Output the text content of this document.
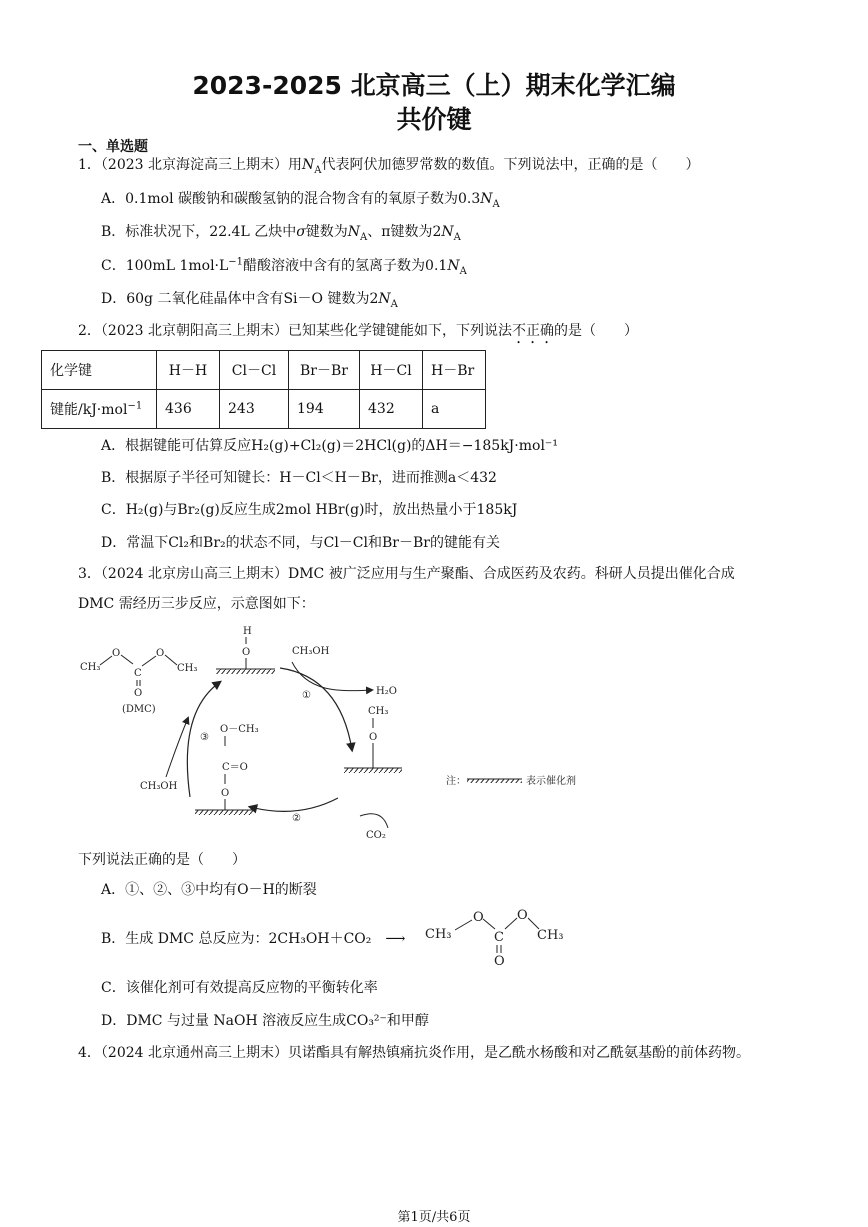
2023-2025 北京高三（上）期末化学汇编
共价键
一、单选题
1．（2023 北京海淀高三上期末）用$N_A$代表阿伏加德罗常数的数值。下列说法中，正确的是（　　）
A．0.1mol 碳酸钠和碳酸氢钠的混合物含有的氧原子数为$0.3N_A$
B．标准状况下，22.4L 乙炔中σ键数为$N_A$、π键数为$2N_A$
C．100mL $1mol\cdot L^{-1}$醋酸溶液中含有的氢离子数为$0.1N_A$
D．60g 二氧化硅晶体中含有Si－O 键数为$2N_A$
2．（2023 北京朝阳高三上期末）已知某些化学键键能如下，下列说法不正确的是（　　）
化学键	H－H	Cl－Cl	Br－Br	H－Cl	H－Br
键能/kJ·mol$^{-1}$	436	243	194	432	a
A．根据键能可估算反应H₂(g)+Cl₂(g)＝2HCl(g)的ΔH＝−185kJ·mol⁻¹
B．根据原子半径可知键长：H－Cl＜H－Br，进而推测a＜432
C．H₂(g)与Br₂(g)反应生成2mol HBr(g)时，放出热量小于185kJ
D．常温下Cl₂和Br₂的状态不同，与Cl－Cl和Br－Br的键能有关
3．（2024 北京房山高三上期末）DMC 被广泛应用与生产聚酯、合成医药及农药。科研人员提出催化合成
DMC 需经历三步反应，示意图如下：
CH₃
O
C
O
CH₃
O
(DMC)
H
O	CH₃OH
H₂O
①
CH₃
O
O－CH₃
C＝O
O
③
CH₃OH
②
CO₂
注：	表示催化剂
下列说法正确的是（　　）
A．①、②、③中均有O－H的断裂
B．生成 DMC 总反应为：2CH₃OH＋CO₂　⟶ CH₃
O
C
O
CH₃
O
C．该催化剂可有效提高反应物的平衡转化率
D．DMC 与过量 NaOH 溶液反应生成CO₃²⁻和甲醇
4．（2024 北京通州高三上期末）贝诺酯具有解热镇痛抗炎作用，是乙酰水杨酸和对乙酰氨基酚的前体药物。
第1页/共6页
